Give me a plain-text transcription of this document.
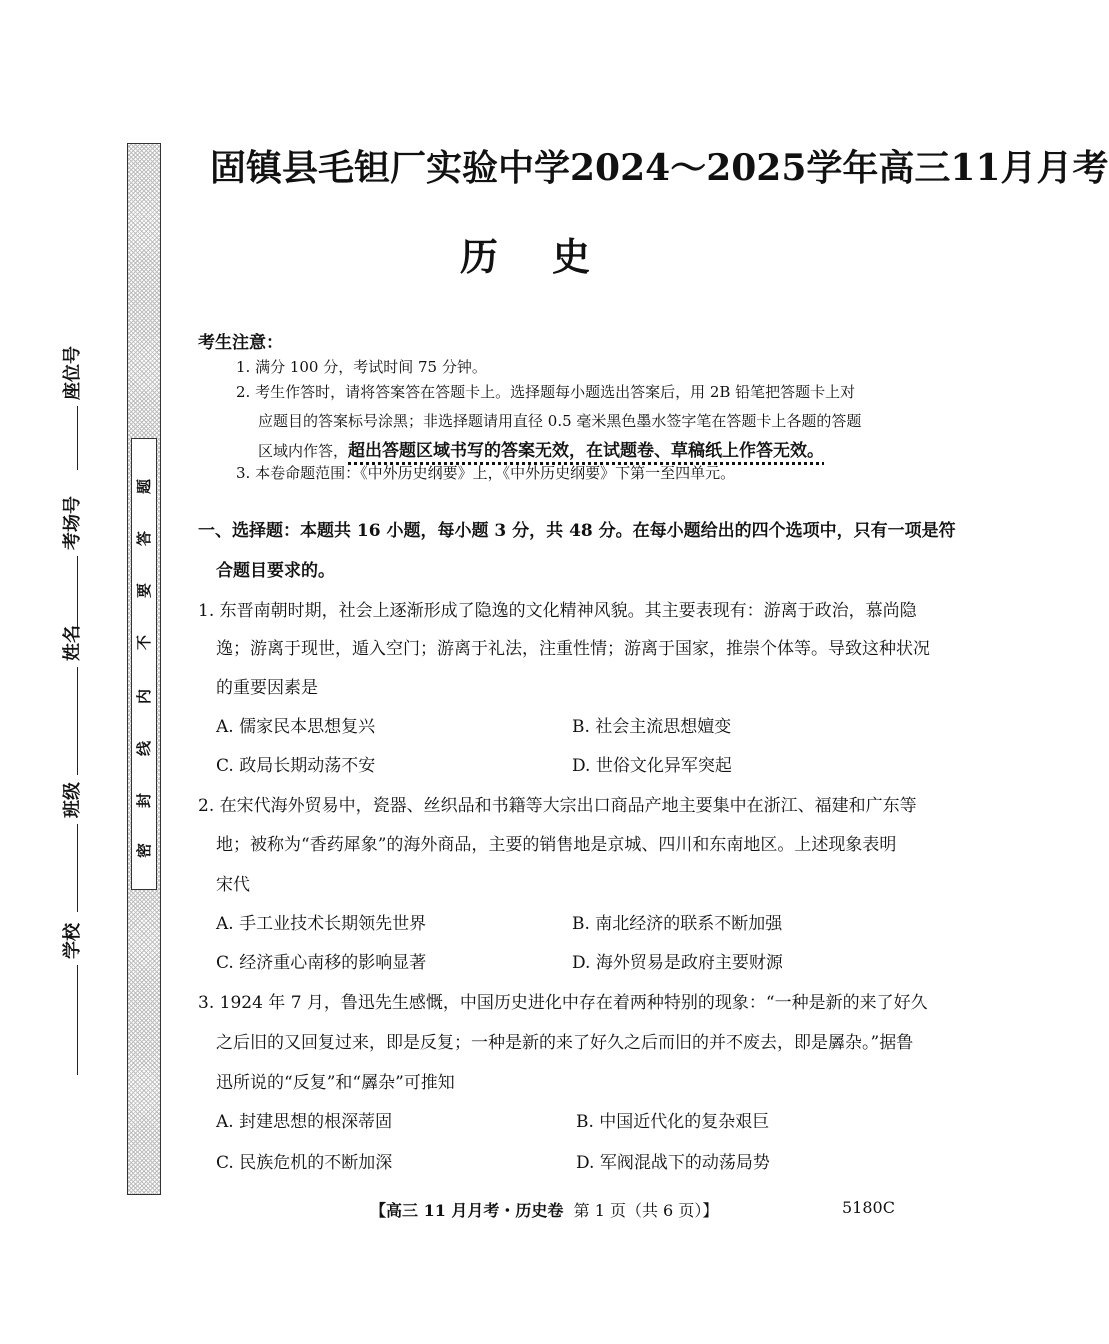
题
答
要
不
内
线
封
密
座位号
考场号
姓名
班级
学校
固镇县毛钽厂实验中学2024～2025学年高三11月月考
历史
考生注意：
1. 满分 100 分，考试时间 75 分钟。
2. 考生作答时，请将答案答在答题卡上。选择题每小题选出答案后，用 2B 铅笔把答题卡上对
应题目的答案标号涂黑；非选择题请用直径 0.5 毫米黑色墨水签字笔在答题卡上各题的答题
区域内作答，超出答题区域书写的答案无效，在试题卷、草稿纸上作答无效。
3. 本卷命题范围：《中外历史纲要》上，《中外历史纲要》下第一至四单元。
一、选择题：本题共 16 小题，每小题 3 分，共 48 分。在每小题给出的四个选项中，只有一项是符
合题目要求的。
1. 东晋南朝时期，社会上逐渐形成了隐逸的文化精神风貌。其主要表现有：游离于政治，慕尚隐
逸；游离于现世，遁入空门；游离于礼法，注重性情；游离于国家，推崇个体等。导致这种状况
的重要因素是
A. 儒家民本思想复兴	B. 社会主流思想嬗变
C. 政局长期动荡不安	D. 世俗文化异军突起
2. 在宋代海外贸易中，瓷器、丝织品和书籍等大宗出口商品产地主要集中在浙江、福建和广东等
地；被称为“香药犀象”的海外商品，主要的销售地是京城、四川和东南地区。上述现象表明
宋代
A. 手工业技术长期领先世界	B. 南北经济的联系不断加强
C. 经济重心南移的影响显著	D. 海外贸易是政府主要财源
3. 1924 年 7 月，鲁迅先生感慨，中国历史进化中存在着两种特别的现象：“一种是新的来了好久
之后旧的又回复过来，即是反复；一种是新的来了好久之后而旧的并不废去，即是羼杂。”据鲁
迅所说的“反复”和“羼杂”可推知
A. 封建思想的根深蒂固	B. 中国近代化的复杂艰巨
C. 民族危机的不断加深	D. 军阀混战下的动荡局势
【高三 11 月月考・历史卷 第 1 页（共 6 页）】	5180C
